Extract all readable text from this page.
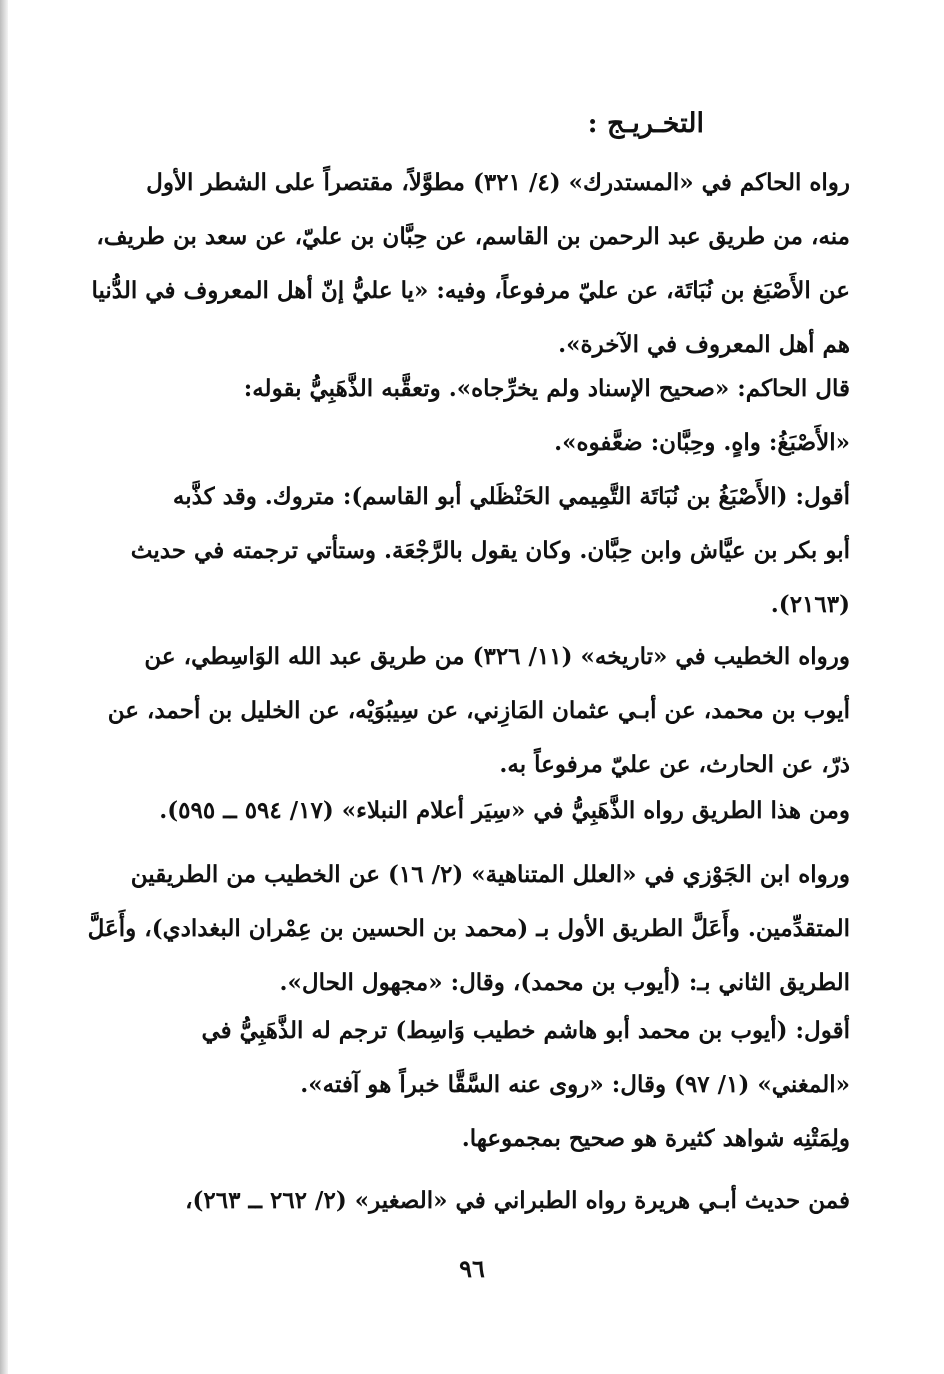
التخـريـج :
رواه الحاكم في «المستدرك» (٤/ ٣٢١) مطوَّلاً، مقتصراً على الشطر الأول
منه، من طريق عبد الرحمن بن القاسم، عن حِبَّان بن عليّ، عن سعد بن طريف،
عن الأَصْبَغ بن نُبَاتَة، عن عليّ مرفوعاً، وفيه: «يا عليُّ إنّ أهل المعروف في الدُّنيا
هم أهل المعروف في الآخرة».
قال الحاكم: «صحيح الإسناد ولم يخرِّجاه». وتعقَّبه الذَّهَبِيُّ بقوله:
«الأَصْبَغُ: واهٍ. وحِبَّان: ضعَّفوه».
أقول: (الأَصْبَغُ بن نُبَاتَة التَّمِيمي الحَنْظَلي أبو القاسم): متروك. وقد كذَّبه
أبو بكر بن عيَّاش وابن حِبَّان. وكان يقول بالرَّجْعَة. وستأتي ترجمته في حديث
(٢١٦٣).
ورواه الخطيب في «تاريخه» (١١/ ٣٢٦) من طريق عبد الله الوَاسِطي، عن
أيوب بن محمد، عن أبـي عثمان المَازِني، عن سِيبُوَيْه، عن الخليل بن أحمد، عن
ذرّ، عن الحارث، عن عليّ مرفوعاً به.
ومن هذا الطريق رواه الذَّهَبِيُّ في «سِيَر أعلام النبلاء» (١٧/ ٥٩٤ ــ ٥٩٥).
ورواه ابن الجَوْزي في «العلل المتناهية» (٢/ ١٦) عن الخطيب من الطريقين
المتقدِّمين. وأَعَلَّ الطريق الأول بـ (محمد بن الحسين بن عِمْران البغدادي)، وأَعَلَّ
الطريق الثاني بـ: (أيوب بن محمد)، وقال: «مجهول الحال».
أقول: (أيوب بن محمد أبو هاشم خطيب وَاسِط) ترجم له الذَّهَبِيُّ في
«المغني» (١/ ٩٧) وقال: «روى عنه السَّقَّا خبراً هو آفته».
ولِمَتْنِه شواهد كثيرة هو صحيح بمجموعها.
فمن حديث أبـي هريرة رواه الطبراني في «الصغير» (٢/ ٢٦٢ ــ ٢٦٣)،
٩٦
